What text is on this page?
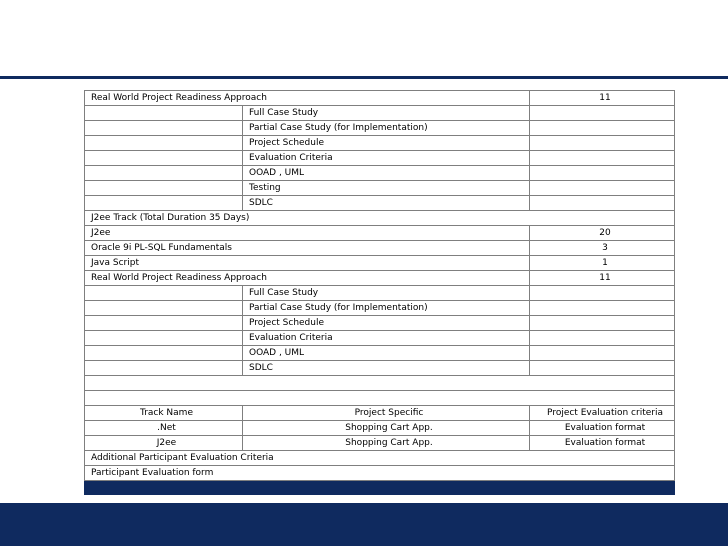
Real World Project Readiness Approach		11
	Full Case Study	
	Partial Case Study (for Implementation)	
	Project Schedule	
	Evaluation Criteria	
	OOAD , UML	
	Testing	
	SDLC	
J2ee Track (Total Duration 35 Days)		
J2ee		20
Oracle 9i PL-SQL Fundamentals		3
Java Script		1
Real World Project Readiness Approach		11
	Full Case Study	
	Partial Case Study (for Implementation)	
	Project Schedule	
	Evaluation Criteria	
	OOAD , UML	
	SDLC	

Track Name	Project Specific	Project Evaluation criteria
.Net	Shopping Cart App.	Evaluation format
J2ee	Shopping Cart App.	Evaluation format
Additional Participant Evaluation Criteria		
Participant Evaluation form		
